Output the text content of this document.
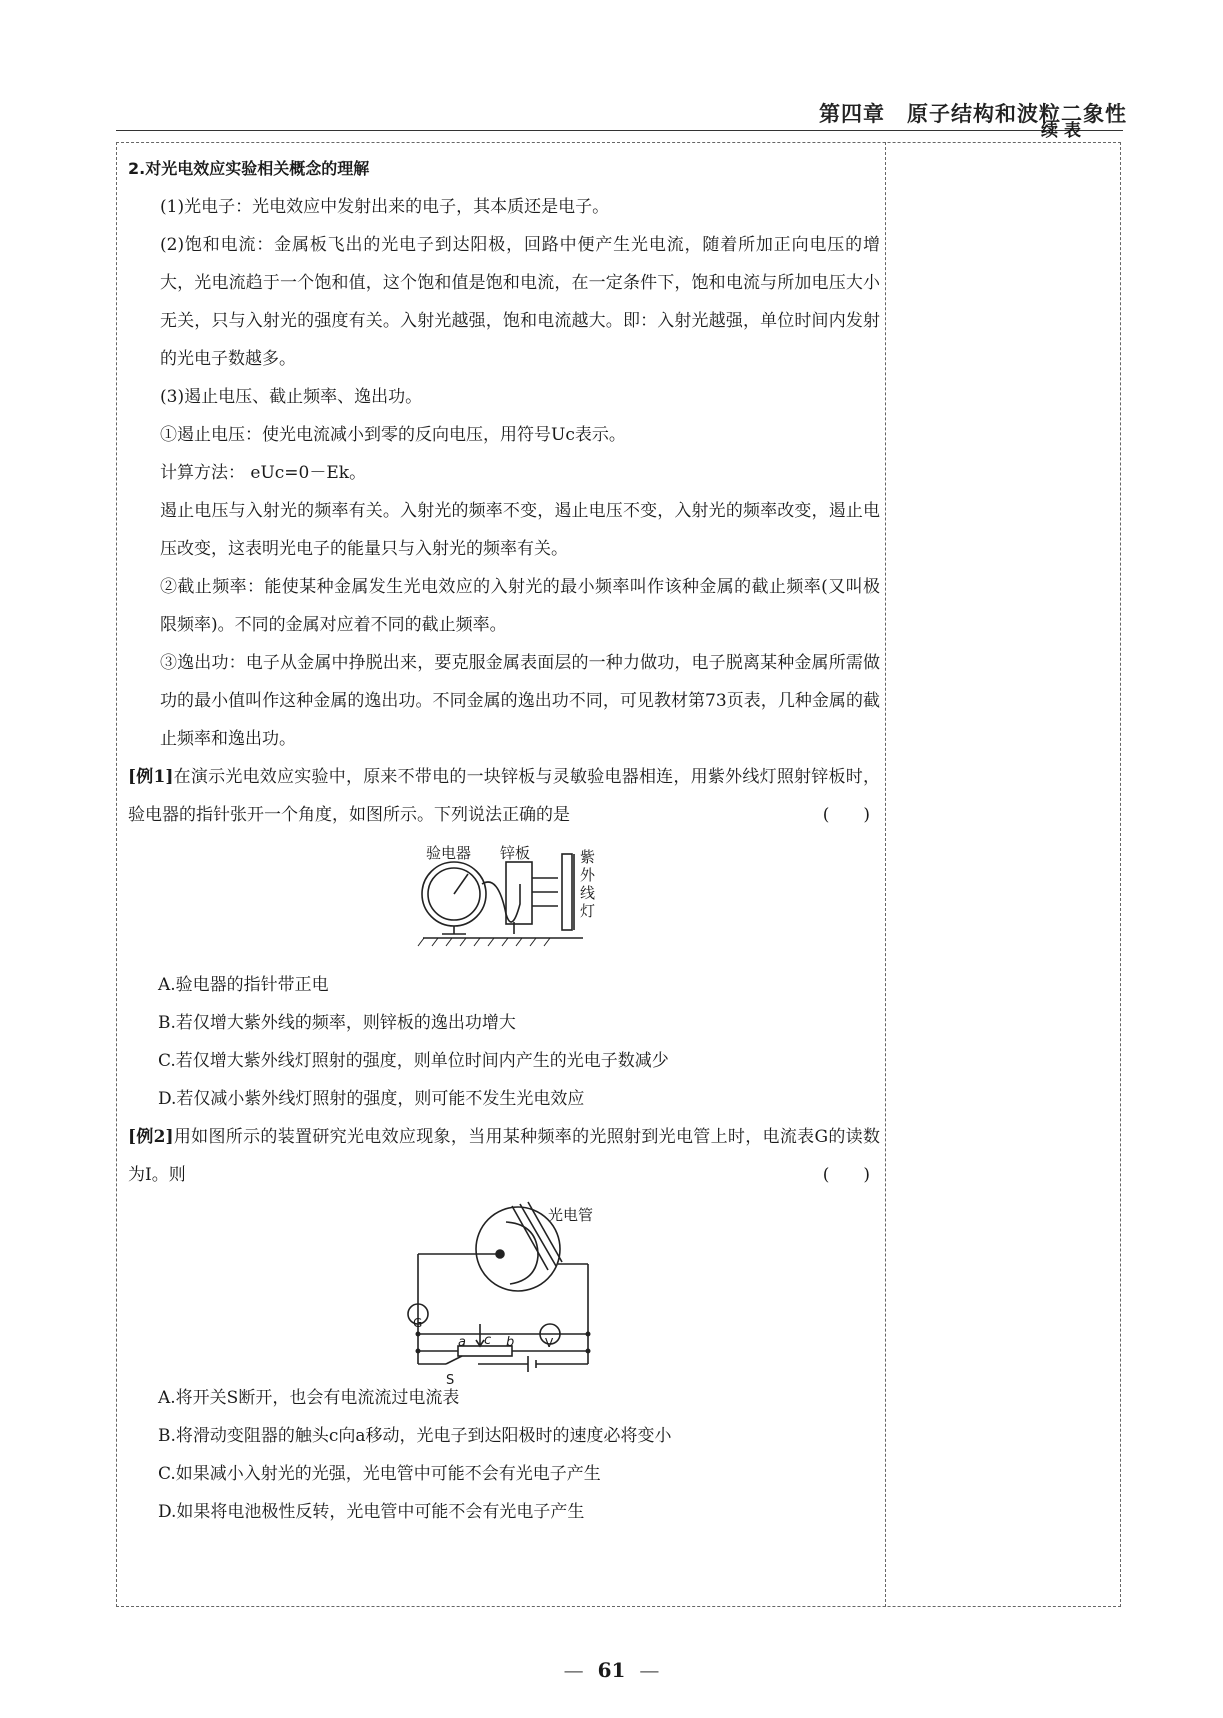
第四章　原子结构和波粒二象性
续表
2.对光电效应实验相关概念的理解

(1)光电子：光电效应中发射出来的电子，其本质还是电子。

(2)饱和电流：金属板飞出的光电子到达阳极，回路中便产生光电流，随着所加正向电压的增大，光电流趋于一个饱和值，这个饱和值是饱和电流，在一定条件下，饱和电流与所加电压大小无关，只与入射光的强度有关。入射光越强，饱和电流越大。即：入射光越强，单位时间内发射的光电子数越多。

(3)遏止电压、截止频率、逸出功。

①遏止电压：使光电流减小到零的反向电压，用符号Uc表示。

计算方法： eUc=0－Ek。

遏止电压与入射光的频率有关。入射光的频率不变，遏止电压不变，入射光的频率改变，遏止电压改变，这表明光电子的能量只与入射光的频率有关。

②截止频率：能使某种金属发生光电效应的入射光的最小频率叫作该种金属的截止频率(又叫极限频率)。不同的金属对应着不同的截止频率。

③逸出功：电子从金属中挣脱出来，要克服金属表面层的一种力做功，电子脱离某种金属所需做功的最小值叫作这种金属的逸出功。不同金属的逸出功不同，可见教材第73页表，几种金属的截止频率和逸出功。

[例1]在演示光电效应实验中，原来不带电的一块锌板与灵敏验电器相连，用紫外线灯照射锌板时，验电器的指针张开一个角度，如图所示。下列说法正确的是	(　　)
验电器 锌板	紫
外
线
灯

A.验电器的指针带正电

B.若仅增大紫外线的频率，则锌板的逸出功增大

C.若仅增大紫外线灯照射的强度，则单位时间内产生的光电子数减少

D.若仅减小紫外线灯照射的强度，则可能不发生光电效应

[例2]用如图所示的装置研究光电效应现象，当用某种频率的光照射到光电管上时，电流表G的读数为I。则	(　　)
光电管
G
V
a	b
c
S

A.将开关S断开，也会有电流流过电流表

B.将滑动变阻器的触头c向a移动，光电子到达阳极时的速度必将变小

C.如果减小入射光的光强，光电管中可能不会有光电子产生

D.如果将电池极性反转，光电管中可能不会有光电子产生

— 61 —
